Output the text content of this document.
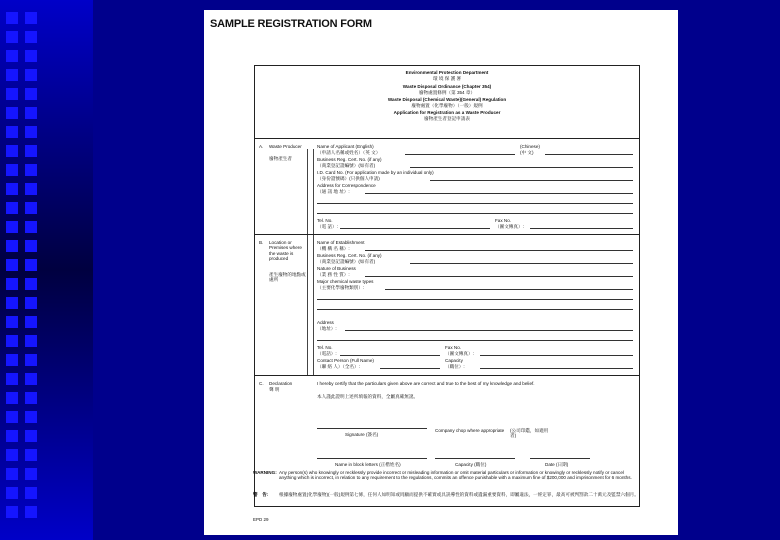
SAMPLE REGISTRATION FORM
Environmental Protection Department
環 境 保 護 署
Waste Disposal Ordinance (Chapter 354)
廢物處置條例（第 354 章）
Waste Disposal (Chemical Waste)(General) Regulation
廢物處置（化學廢物）（一般）規例
Application for Registration as a Waste Producer
廢物產生者登記申請表
A. Waste Producer
廢物產生者
Name of Applicant (English)
（申請人名稱或姓名）（英 文）
(Chinese)
(中 文)
Business Reg. Cert. No. (if any)
（商業登記證編號）(如有者)
I.D. Card No. (For application made by an individual only)
（身份證號碼）(只供個人申請)
Address for Correspondence
（通 訊 地 址）:
Tel. No.
（電 話）:
Fax No.
（圖文傳真）:
B. Location or Premises where the waste is produced
產生廢物的地點或處所
Name of Establishment
（機 構 名 稱）:
Business Reg. Cert. No. (if any)
（商業登記證編號）(如有者)
Nature of Business
（業 務 性 質）:
Major chemical waste types
（主要化學廢物類別）:
Address
（地址）:
Tel. No.
（電話）:
Fax No.
（圖文傳真）:
Contact Person (Full Name)
（聯 絡 人）（全名）:
Capacity
（職位）:
C. Declaration
聲 明
I hereby certify that the particulars given above are correct and true to the best of my knowledge and belief.
本人謹此證明上述所填報的資料，全屬真確無訛。
Signature (簽名)
Company chop where appropriate (公司印鑑，如適用者)
Name in block letters (正楷姓名)	Capacity (職位)	Date (日期)
WARNING: Any person(s) who knowingly or recklessly provide incorrect or misleading information or omit material particulars or information or knowingly or recklessly notify or cancel anything which is incorrect, in relation to any requirement to the regulations, commits an offence punishable with a maximum fine of $200,000 and imprisonment for 6 months.
警　告: 根據廢物處置(化學廢物)(一般)規例第七條，任何人如明知或罔顧而提供不確實或具誤導性的資料或遺漏重要資料，即屬違法，一經定罪，最高可被判罰款二十萬元及監禁六個月。
EPD 29
